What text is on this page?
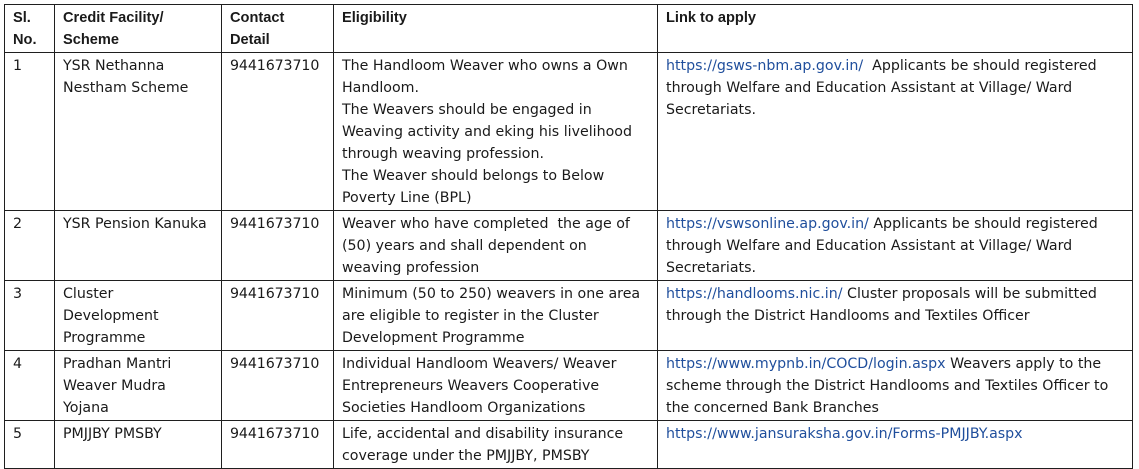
Sl. No.	Credit Facility/ Scheme	Contact Detail	Eligibility	Link to apply
1	YSR Nethanna Nestham Scheme	9441673710	The Handloom Weaver who owns a Own Handloom.
The Weavers should be engaged in Weaving activity and eking his livelihood through weaving profession.
The Weaver should belongs to Below Poverty Line (BPL)	https://gsws-nbm.ap.gov.in/  Applicants be should registered through Welfare and Education Assistant at Village/ Ward Secretariats.
2	YSR Pension Kanuka	9441673710	Weaver who have completed  the age of (50) years and shall dependent on weaving profession	https://vswsonline.ap.gov.in/ Applicants be should registered through Welfare and Education Assistant at Village/ Ward Secretariats.
3	Cluster Development Programme	9441673710	Minimum (50 to 250) weavers in one area are eligible to register in the Cluster Development Programme	https://handlooms.nic.in/ Cluster proposals will be submitted  through the District Handlooms and Textiles Officer
4	Pradhan Mantri Weaver Mudra Yojana	9441673710	Individual Handloom Weavers/ Weaver Entrepreneurs Weavers Cooperative Societies Handloom Organizations	https://www.mypnb.in/COCD/login.aspx Weavers apply to the scheme through the District Handlooms and Textiles Officer to the concerned Bank Branches
5	PMJJBY PMSBY	9441673710	Life, accidental and disability insurance coverage under the PMJJBY, PMSBY	https://www.jansuraksha.gov.in/Forms-PMJJBY.aspx
